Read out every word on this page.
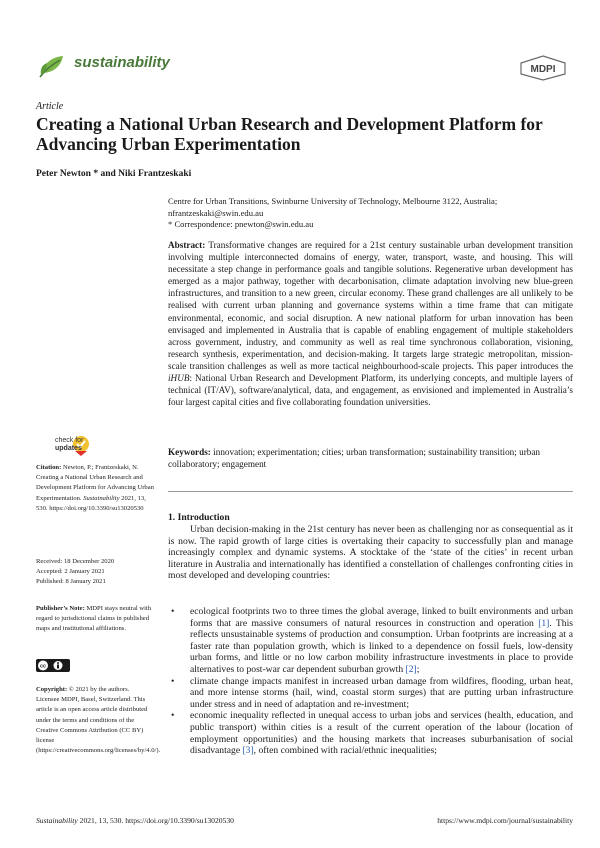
sustainability	MDPI
Article
Creating a National Urban Research and Development Platform for Advancing Urban Experimentation
Peter Newton * and Niki Frantzeskaki
Centre for Urban Transitions, Swinburne University of Technology, Melbourne 3122, Australia; nfrantzeskaki@swin.edu.au
* Correspondence: pnewton@swin.edu.au
Abstract: Transformative changes are required for a 21st century sustainable urban development transition involving multiple interconnected domains of energy, water, transport, waste, and housing. This will necessitate a step change in performance goals and tangible solutions. Regenerative urban development has emerged as a major pathway, together with decarbonisation, climate adaptation involving new blue-green infrastructures, and transition to a new green, circular economy. These grand challenges are all unlikely to be realised with current urban planning and governance systems within a time frame that can mitigate environmental, economic, and social disruption. A new national platform for urban innovation has been envisaged and implemented in Australia that is capable of enabling engagement of multiple stakeholders across government, industry, and community as well as real time synchronous collaboration, visioning, research synthesis, experimentation, and decision-making. It targets large strategic metropolitan, mission-scale transition challenges as well as more tactical neighbourhood-scale projects. This paper introduces the iHUB: National Urban Research and Development Platform, its underlying concepts, and multiple layers of technical (IT/AV), software/analytical, data, and engagement, as envisioned and implemented in Australia’s four largest capital cities and five collaborating foundation universities.
Keywords: innovation; experimentation; cities; urban transformation; sustainability transition; urban collaboratory; engagement
check for
updates
Citation: Newton, P.; Frantzeskaki, N. Creating a National Urban Research and Development Platform for Advancing Urban Experimentation. Sustainability 2021, 13, 530. https://doi.org/10.3390/su13020530
Received: 18 December 2020
Accepted: 2 January 2021
Published: 8 January 2021
Publisher’s Note: MDPI stays neutral with regard to jurisdictional claims in published maps and institutional affiliations.
cc
Copyright: © 2021 by the authors. Licensee MDPI, Basel, Switzerland. This article is an open access article distributed under the terms and conditions of the Creative Commons Attribution (CC BY) license (https://creativecommons.org/licenses/by/4.0/).
1. Introduction
Urban decision-making in the 21st century has never been as challenging nor as consequential as it is now. The rapid growth of large cities is overtaking their capacity to successfully plan and manage increasingly complex and dynamic systems. A stocktake of the ‘state of the cities’ in recent urban literature in Australia and internationally has identified a constellation of challenges confronting cities in most developed and developing countries:
• ecological footprints two to three times the global average, linked to built environments and urban forms that are massive consumers of natural resources in construction and operation [1]. This reflects unsustainable systems of production and consumption. Urban footprints are increasing at a faster rate than population growth, which is linked to a dependence on fossil fuels, low-density urban forms, and little or no low carbon mobility infrastructure investments in place to provide alternatives to post-war car dependent suburban growth [2];
• climate change impacts manifest in increased urban damage from wildfires, flooding, urban heat, and more intense storms (hail, wind, coastal storm surges) that are putting urban infrastructure under stress and in need of adaptation and re-investment;
• economic inequality reflected in unequal access to urban jobs and services (health, education, and public transport) within cities is a result of the current operation of the labour (location of employment opportunities) and the housing markets that increases suburbanisation of social disadvantage [3], often combined with racial/ethnic inequalities;
Sustainability 2021, 13, 530. https://doi.org/10.3390/su13020530	https://www.mdpi.com/journal/sustainability
